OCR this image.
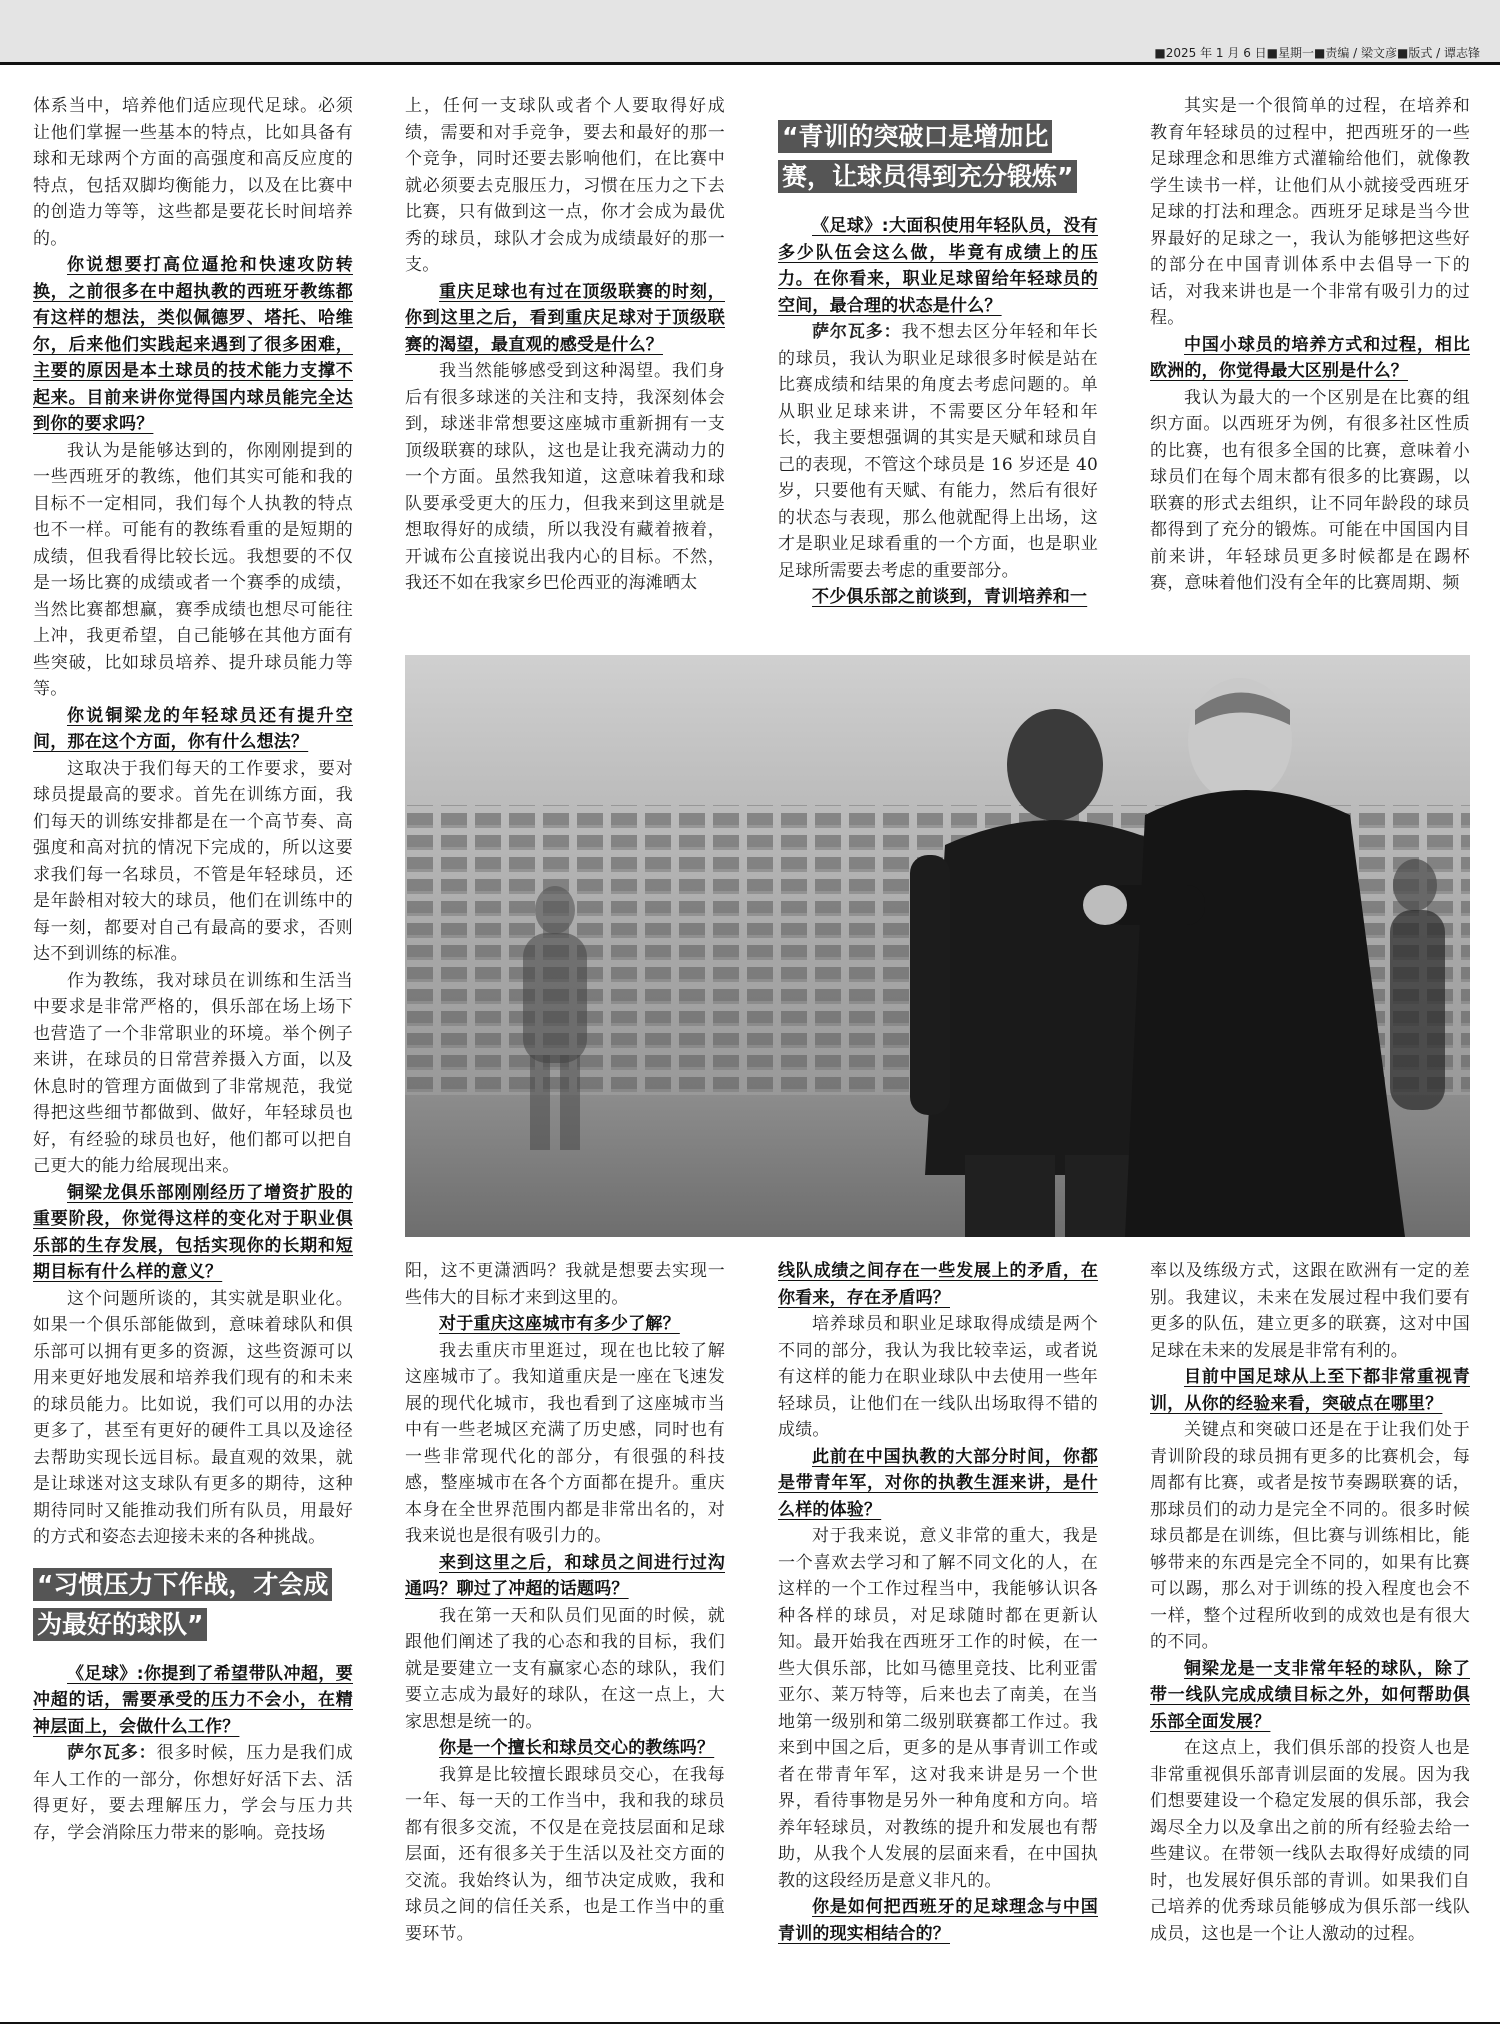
■2025 年 1 月 6 日■星期一■责编 / 梁文彦■版式 / 谭志锋

体系当中，培养他们适应现代足球。必须让他们掌握一些基本的特点，比如具备有球和无球两个方面的高强度和高反应度的特点，包括双脚均衡能力，以及在比赛中的创造力等等，这些都是要花长时间培养的。

你说想要打高位逼抢和快速攻防转换，之前很多在中超执教的西班牙教练都有这样的想法，类似佩德罗、塔托、哈维尔，后来他们实践起来遇到了很多困难，主要的原因是本土球员的技术能力支撑不起来。目前来讲你觉得国内球员能完全达到你的要求吗？

我认为是能够达到的，你刚刚提到的一些西班牙的教练，他们其实可能和我的目标不一定相同，我们每个人执教的特点也不一样。可能有的教练看重的是短期的成绩，但我看得比较长远。我想要的不仅是一场比赛的成绩或者一个赛季的成绩，当然比赛都想赢，赛季成绩也想尽可能往上冲，我更希望，自己能够在其他方面有些突破，比如球员培养、提升球员能力等等。

你说铜梁龙的年轻球员还有提升空间，那在这个方面，你有什么想法？

这取决于我们每天的工作要求，要对球员提最高的要求。首先在训练方面，我们每天的训练安排都是在一个高节奏、高强度和高对抗的情况下完成的，所以这要求我们每一名球员，不管是年轻球员，还是年龄相对较大的球员，他们在训练中的每一刻，都要对自己有最高的要求，否则达不到训练的标准。

作为教练，我对球员在训练和生活当中要求是非常严格的，俱乐部在场上场下也营造了一个非常职业的环境。举个例子来讲，在球员的日常营养摄入方面，以及休息时的管理方面做到了非常规范，我觉得把这些细节都做到、做好，年轻球员也好，有经验的球员也好，他们都可以把自己更大的能力给展现出来。

铜梁龙俱乐部刚刚经历了增资扩股的重要阶段，你觉得这样的变化对于职业俱乐部的生存发展，包括实现你的长期和短期目标有什么样的意义？

这个问题所谈的，其实就是职业化。如果一个俱乐部能做到，意味着球队和俱乐部可以拥有更多的资源，这些资源可以用来更好地发展和培养我们现有的和未来的球员能力。比如说，我们可以用的办法更多了，甚至有更好的硬件工具以及途径去帮助实现长远目标。最直观的效果，就是让球迷对这支球队有更多的期待，这种期待同时又能推动我们所有队员，用最好的方式和姿态去迎接未来的各种挑战。

“习惯压力下作战，才会成为最好的球队”

《足球》:你提到了希望带队冲超，要冲超的话，需要承受的压力不会小，在精神层面上，会做什么工作？

萨尔瓦多：很多时候，压力是我们成年人工作的一部分，你想好好活下去、活得更好，要去理解压力，学会与压力共存，学会消除压力带来的影响。竞技场

上，任何一支球队或者个人要取得好成绩，需要和对手竞争，要去和最好的那一个竞争，同时还要去影响他们，在比赛中就必须要去克服压力，习惯在压力之下去比赛，只有做到这一点，你才会成为最优秀的球员，球队才会成为成绩最好的那一支。

重庆足球也有过在顶级联赛的时刻，你到这里之后，看到重庆足球对于顶级联赛的渴望，最直观的感受是什么？

我当然能够感受到这种渴望。我们身后有很多球迷的关注和支持，我深刻体会到，球迷非常想要这座城市重新拥有一支顶级联赛的球队，这也是让我充满动力的一个方面。虽然我知道，这意味着我和球队要承受更大的压力，但我来到这里就是想取得好的成绩，所以我没有藏着掖着，开诚布公直接说出我内心的目标。不然，我还不如在我家乡巴伦西亚的海滩晒太

“青训的突破口是增加比赛，让球员得到充分锻炼”

《足球》:大面积使用年轻队员，没有多少队伍会这么做，毕竟有成绩上的压力。在你看来，职业足球留给年轻球员的空间，最合理的状态是什么？

萨尔瓦多：我不想去区分年轻和年长的球员，我认为职业足球很多时候是站在比赛成绩和结果的角度去考虑问题的。单从职业足球来讲，不需要区分年轻和年长，我主要想强调的其实是天赋和球员自己的表现，不管这个球员是 16 岁还是 40 岁，只要他有天赋、有能力，然后有很好的状态与表现，那么他就配得上出场，这才是职业足球看重的一个方面，也是职业足球所需要去考虑的重要部分。

不少俱乐部之前谈到，青训培养和一

其实是一个很简单的过程，在培养和教育年轻球员的过程中，把西班牙的一些足球理念和思维方式灌输给他们，就像教学生读书一样，让他们从小就接受西班牙足球的打法和理念。西班牙足球是当今世界最好的足球之一，我认为能够把这些好的部分在中国青训体系中去倡导一下的话，对我来讲也是一个非常有吸引力的过程。

中国小球员的培养方式和过程，相比欧洲的，你觉得最大区别是什么？

我认为最大的一个区别是在比赛的组织方面。以西班牙为例，有很多社区性质的比赛，也有很多全国的比赛，意味着小球员们在每个周末都有很多的比赛踢，以联赛的形式去组织，让不同年龄段的球员都得到了充分的锻炼。可能在中国国内目前来讲，年轻球员更多时候都是在踢杯赛，意味着他们没有全年的比赛周期、频

阳，这不更潇洒吗？我就是想要去实现一些伟大的目标才来到这里的。

对于重庆这座城市有多少了解？

我去重庆市里逛过，现在也比较了解这座城市了。我知道重庆是一座在飞速发展的现代化城市，我也看到了这座城市当中有一些老城区充满了历史感，同时也有一些非常现代化的部分，有很强的科技感，整座城市在各个方面都在提升。重庆本身在全世界范围内都是非常出名的，对我来说也是很有吸引力的。

来到这里之后，和球员之间进行过沟通吗？聊过了冲超的话题吗？

我在第一天和队员们见面的时候，就跟他们阐述了我的心态和我的目标，我们就是要建立一支有赢家心态的球队，我们要立志成为最好的球队，在这一点上，大家思想是统一的。

你是一个擅长和球员交心的教练吗？

我算是比较擅长跟球员交心，在我每一年、每一天的工作当中，我和我的球员都有很多交流，不仅是在竞技层面和足球层面，还有很多关于生活以及社交方面的交流。我始终认为，细节决定成败，我和球员之间的信任关系，也是工作当中的重要环节。

线队成绩之间存在一些发展上的矛盾，在你看来，存在矛盾吗？

培养球员和职业足球取得成绩是两个不同的部分，我认为我比较幸运，或者说有这样的能力在职业球队中去使用一些年轻球员，让他们在一线队出场取得不错的成绩。

此前在中国执教的大部分时间，你都是带青年军，对你的执教生涯来讲，是什么样的体验？

对于我来说，意义非常的重大，我是一个喜欢去学习和了解不同文化的人，在这样的一个工作过程当中，我能够认识各种各样的球员，对足球随时都在更新认知。最开始我在西班牙工作的时候，在一些大俱乐部，比如马德里竞技、比利亚雷亚尔、莱万特等，后来也去了南美，在当地第一级别和第二级别联赛都工作过。我来到中国之后，更多的是从事青训工作或者在带青年军，这对我来讲是另一个世界，看待事物是另外一种角度和方向。培养年轻球员，对教练的提升和发展也有帮助，从我个人发展的层面来看，在中国执教的这段经历是意义非凡的。

你是如何把西班牙的足球理念与中国青训的现实相结合的？

率以及练级方式，这跟在欧洲有一定的差别。我建议，未来在发展过程中我们要有更多的队伍，建立更多的联赛，这对中国足球在未来的发展是非常有利的。

目前中国足球从上至下都非常重视青训，从你的经验来看，突破点在哪里？

关键点和突破口还是在于让我们处于青训阶段的球员拥有更多的比赛机会，每周都有比赛，或者是按节奏踢联赛的话，那球员们的动力是完全不同的。很多时候球员都是在训练，但比赛与训练相比，能够带来的东西是完全不同的，如果有比赛可以踢，那么对于训练的投入程度也会不一样，整个过程所收到的成效也是有很大的不同。

铜梁龙是一支非常年轻的球队，除了带一线队完成成绩目标之外，如何帮助俱乐部全面发展？

在这点上，我们俱乐部的投资人也是非常重视俱乐部青训层面的发展。因为我们想要建设一个稳定发展的俱乐部，我会竭尽全力以及拿出之前的所有经验去给一些建议。在带领一线队去取得好成绩的同时，也发展好俱乐部的青训。如果我们自己培养的优秀球员能够成为俱乐部一线队成员，这也是一个让人激动的过程。
